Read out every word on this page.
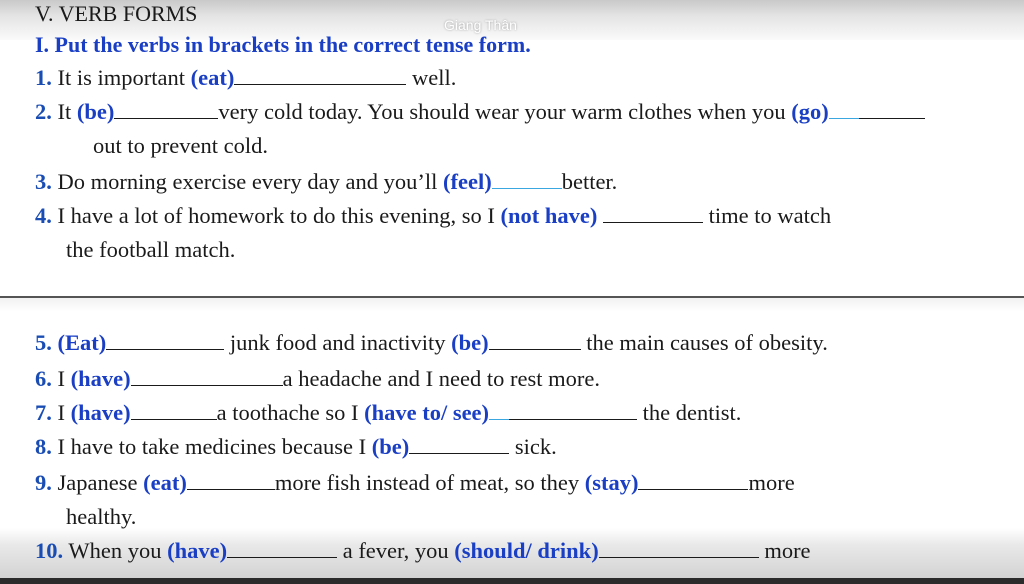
V. VERB FORMS	Giang Thân
I. Put the verbs in brackets in the correct tense form.
1. It is important (eat)	well.
2. It (be)	very cold today. You should wear your warm clothes when you (go)
out to prevent cold.
3. Do morning exercise every day and you’ll (feel)	better.
4. I have a lot of homework to do this evening, so I (not have)	time to watch
the football match.
5. (Eat)	junk food and inactivity (be)	the main causes of obesity.
6. I (have)	a headache and I need to rest more.
7. I (have)	a toothache so I (have to/ see)	the dentist.
8. I have to take medicines because I (be)	sick.
9. Japanese (eat)	more fish instead of meat, so they (stay)	more
healthy.
10. When you (have)	a fever, you (should/ drink)	more
